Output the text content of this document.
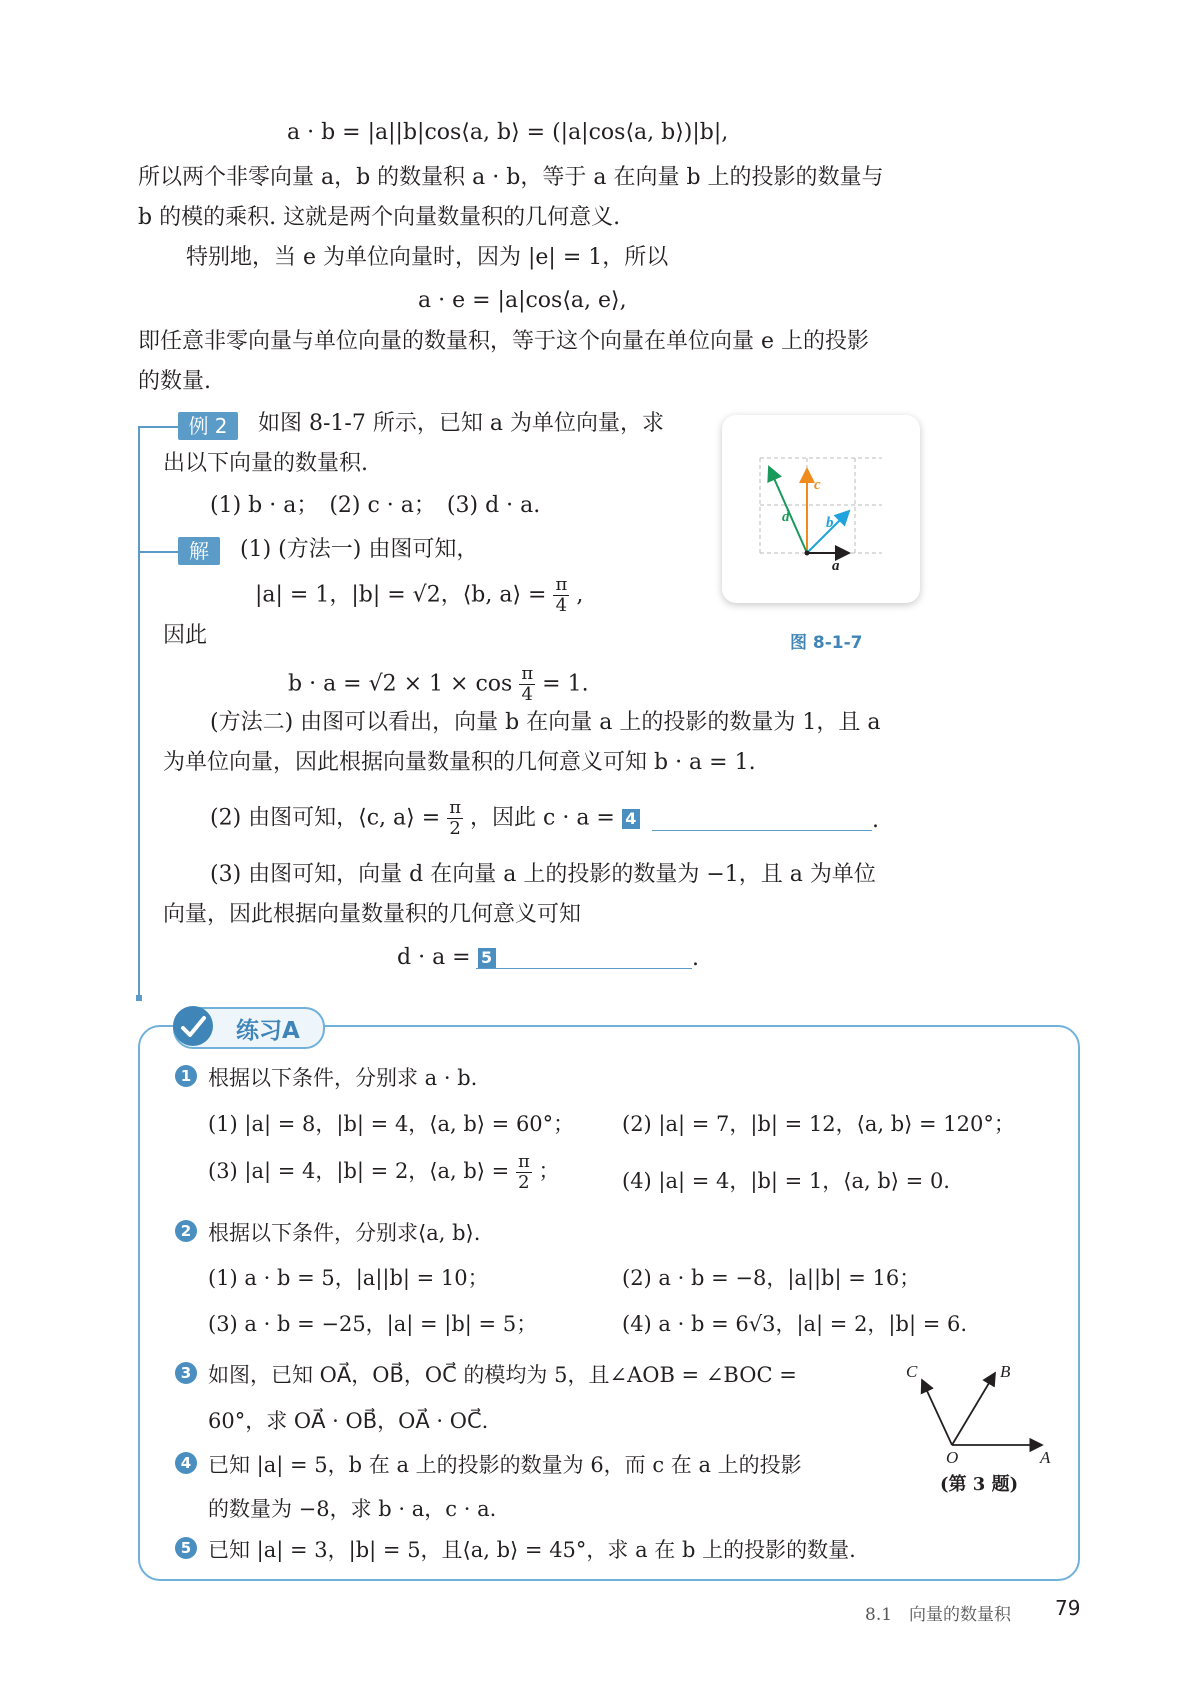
a · b = |a||b|cos⟨a, b⟩ = (|a|cos⟨a, b⟩)|b|,
所以两个非零向量 a，b 的数量积 a · b，等于 a 在向量 b 上的投影的数量与
b 的模的乘积. 这就是两个向量数量积的几何意义.
特别地，当 e 为单位向量时，因为 |e| = 1，所以
a · e = |a|cos⟨a, e⟩,
即任意非零向量与单位向量的数量积，等于这个向量在单位向量 e 上的投影
的数量.
例 2	如图 8-1-7 所示，已知 a 为单位向量，求
出以下向量的数量积.
(1) b · a；　(2) c · a；　(3) d · a.
解	(1) (方法一) 由图可知，
|a| = 1，|b| = √2，⟨b, a⟩ = $\frac{\pi}{4}$ ,
因此
$b \cdot a = √2 \times 1 \times \cos \frac{\pi}{4} = 1$.
(方法二) 由图可以看出，向量 b 在向量 a 上的投影的数量为 1，且 a
为单位向量，因此根据向量数量积的几何意义可知 b · a = 1.
(2) 由图可知，⟨c, a⟩ = $\frac{\pi}{2}$ ，因此 c · a = 4	.
(3) 由图可知，向量 d 在向量 a 上的投影的数量为 −1，且 a 为单位
向量，因此根据向量数量积的几何意义可知
d · a = 5	.
a
b
c
d
图 8-1-7
练习A
1 根据以下条件，分别求 a · b.
(1) |a| = 8，|b| = 4，⟨a, b⟩ = 60°； (2) |a| = 7，|b| = 12，⟨a, b⟩ = 120°；
(3) |a| = 4，|b| = 2，⟨a, b⟩ = $\frac{\pi}{2}$ ；	(4) |a| = 4，|b| = 1，⟨a, b⟩ = 0.
2 根据以下条件，分别求⟨a, b⟩.
(1) a · b = 5，|a||b| = 10；	(2) a · b = −8，|a||b| = 16；
(3) a · b = −25，|a| = |b| = 5；	(4) a · b = 6√3，|a| = 2，|b| = 6.
3 如图，已知 OA⃗，OB⃗，OC⃗ 的模均为 5，且∠AOB = ∠BOC =
60°，求 OA⃗ · OB⃗，OA⃗ · OC⃗.
4 已知 |a| = 5，b 在 a 上的投影的数量为 6，而 c 在 a 上的投影
的数量为 −8，求 b · a，c · a.
5 已知 |a| = 3，|b| = 5，且⟨a, b⟩ = 45°，求 a 在 b 上的投影的数量.
C	B
O	A
(第 3 题)
8.1　向量的数量积 79
